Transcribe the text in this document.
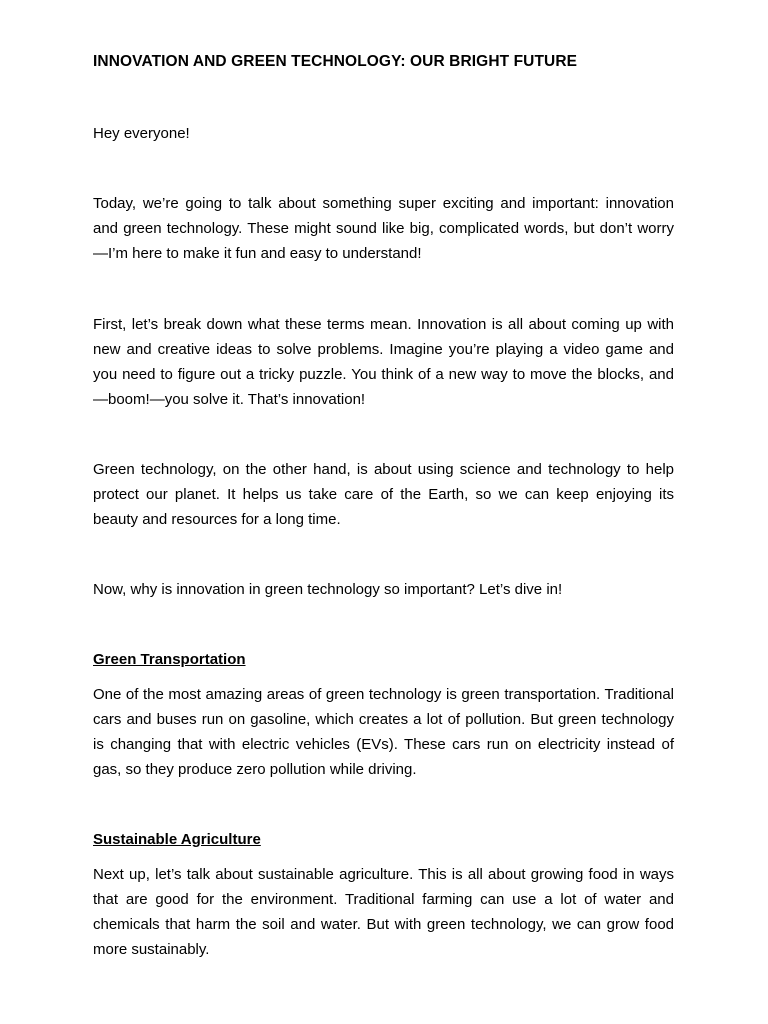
INNOVATION AND GREEN TECHNOLOGY: OUR BRIGHT FUTURE

Hey everyone!

Today, we’re going to talk about something super exciting and important: innovation and green technology. These might sound like big, complicated words, but don’t worry—I’m here to make it fun and easy to understand!

First, let’s break down what these terms mean. Innovation is all about coming up with new and creative ideas to solve problems. Imagine you’re playing a video game and you need to figure out a tricky puzzle. You think of a new way to move the blocks, and—boom!—you solve it. That’s innovation!

Green technology, on the other hand, is about using science and technology to help protect our planet. It helps us take care of the Earth, so we can keep enjoying its beauty and resources for a long time.

Now, why is innovation in green technology so important? Let’s dive in!

Green Transportation

One of the most amazing areas of green technology is green transportation. Traditional cars and buses run on gasoline, which creates a lot of pollution. But green technology is changing that with electric vehicles (EVs). These cars run on electricity instead of gas, so they produce zero pollution while driving.

Sustainable Agriculture

Next up, let’s talk about sustainable agriculture. This is all about growing food in ways that are good for the environment. Traditional farming can use a lot of water and chemicals that harm the soil and water. But with green technology, we can grow food more sustainably.
